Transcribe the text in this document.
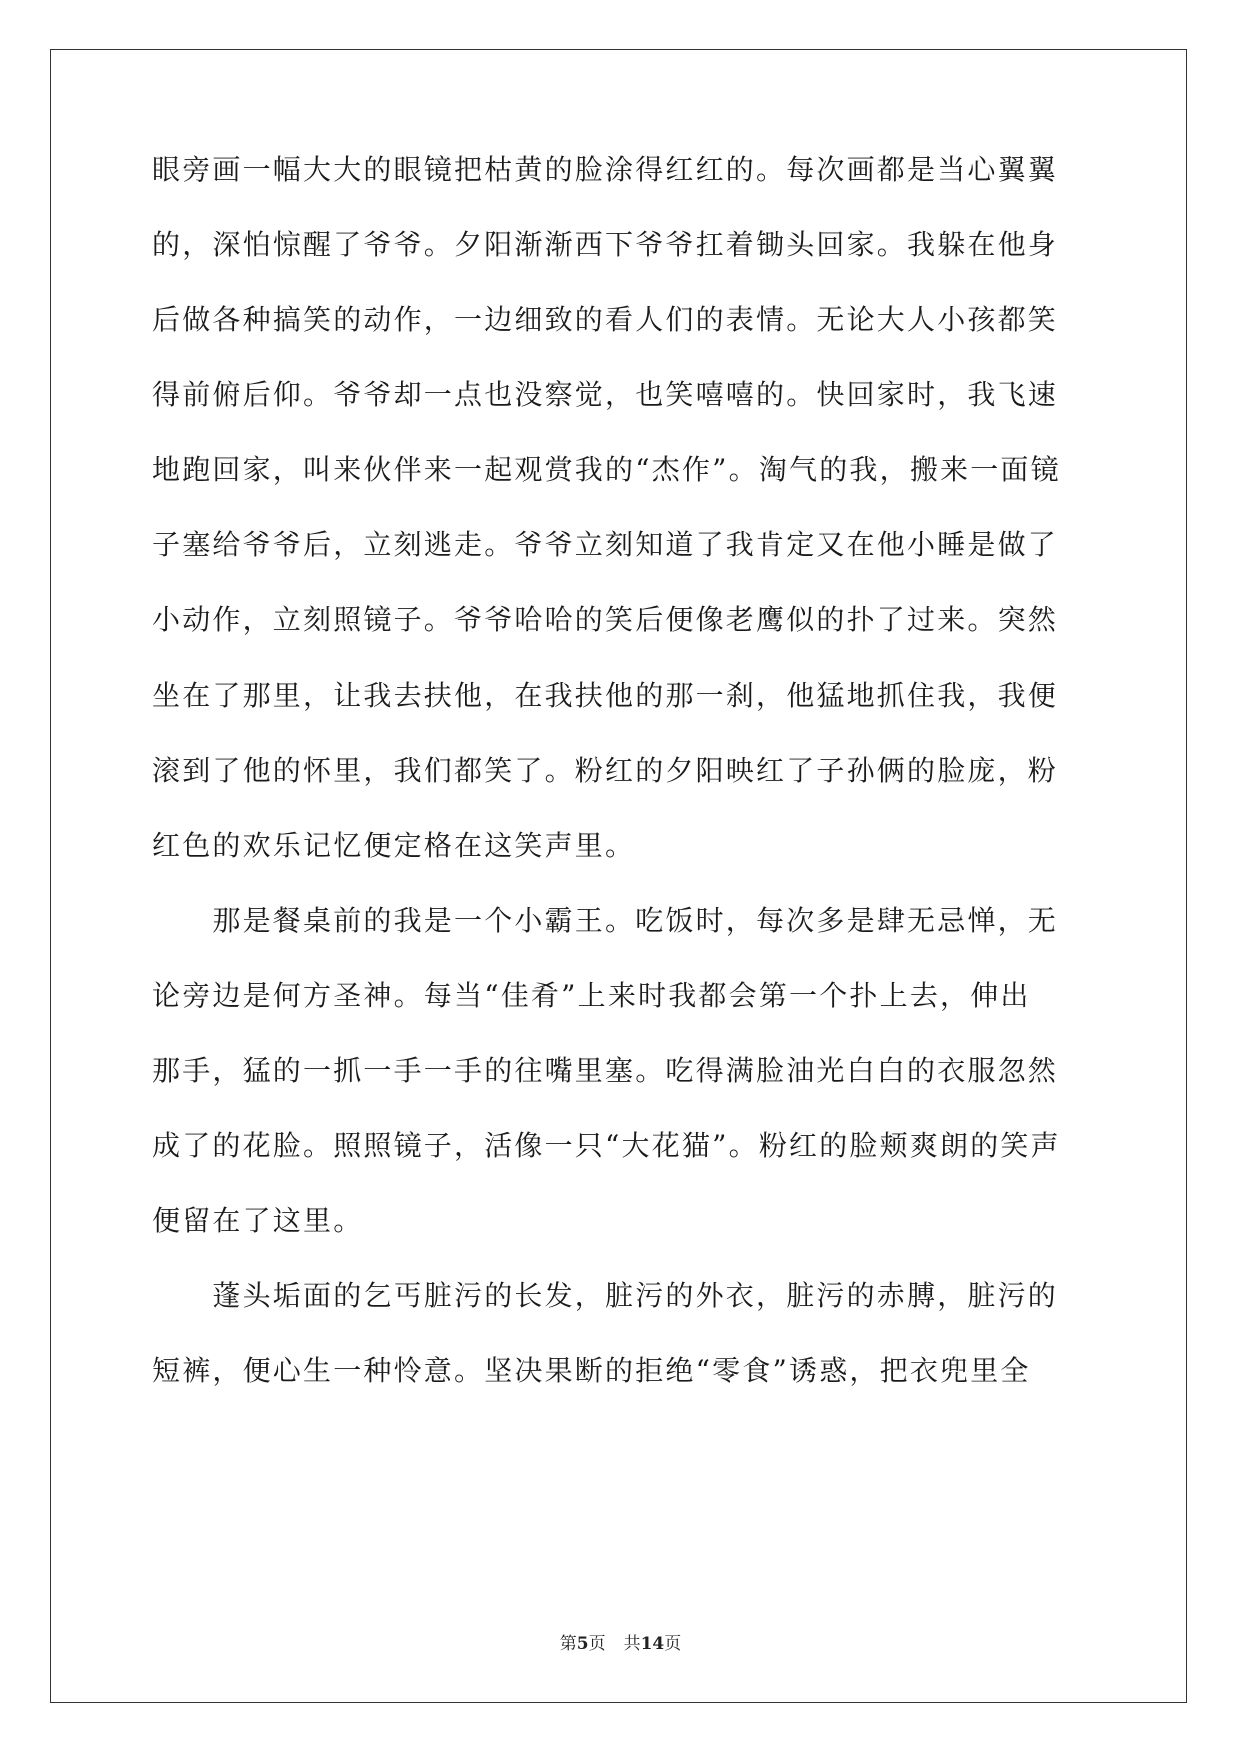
眼旁画一幅大大的眼镜把枯黄的脸涂得红红的。每次画都是当心翼翼
的，深怕惊醒了爷爷。夕阳渐渐西下爷爷扛着锄头回家。我躲在他身
后做各种搞笑的动作，一边细致的看人们的表情。无论大人小孩都笑
得前俯后仰。爷爷却一点也没察觉，也笑嘻嘻的。快回家时，我飞速
地跑回家，叫来伙伴来一起观赏我的“杰作”。淘气的我，搬来一面镜
子塞给爷爷后，立刻逃走。爷爷立刻知道了我肯定又在他小睡是做了
小动作，立刻照镜子。爷爷哈哈的笑后便像老鹰似的扑了过来。突然
坐在了那里，让我去扶他，在我扶他的那一刹，他猛地抓住我，我便
滚到了他的怀里，我们都笑了。粉红的夕阳映红了子孙俩的脸庞，粉
红色的欢乐记忆便定格在这笑声里。
　　那是餐桌前的我是一个小霸王。吃饭时，每次多是肆无忌惮，无
论旁边是何方圣神。每当“佳肴”上来时我都会第一个扑上去，伸出
那手，猛的一抓一手一手的往嘴里塞。吃得满脸油光白白的衣服忽然
成了的花脸。照照镜子，活像一只“大花猫”。粉红的脸颊爽朗的笑声
便留在了这里。
　　蓬头垢面的乞丐脏污的长发，脏污的外衣，脏污的赤膊，脏污的
短裤，便心生一种怜意。坚决果断的拒绝“零食”诱惑，把衣兜里全
第5页 共14页
